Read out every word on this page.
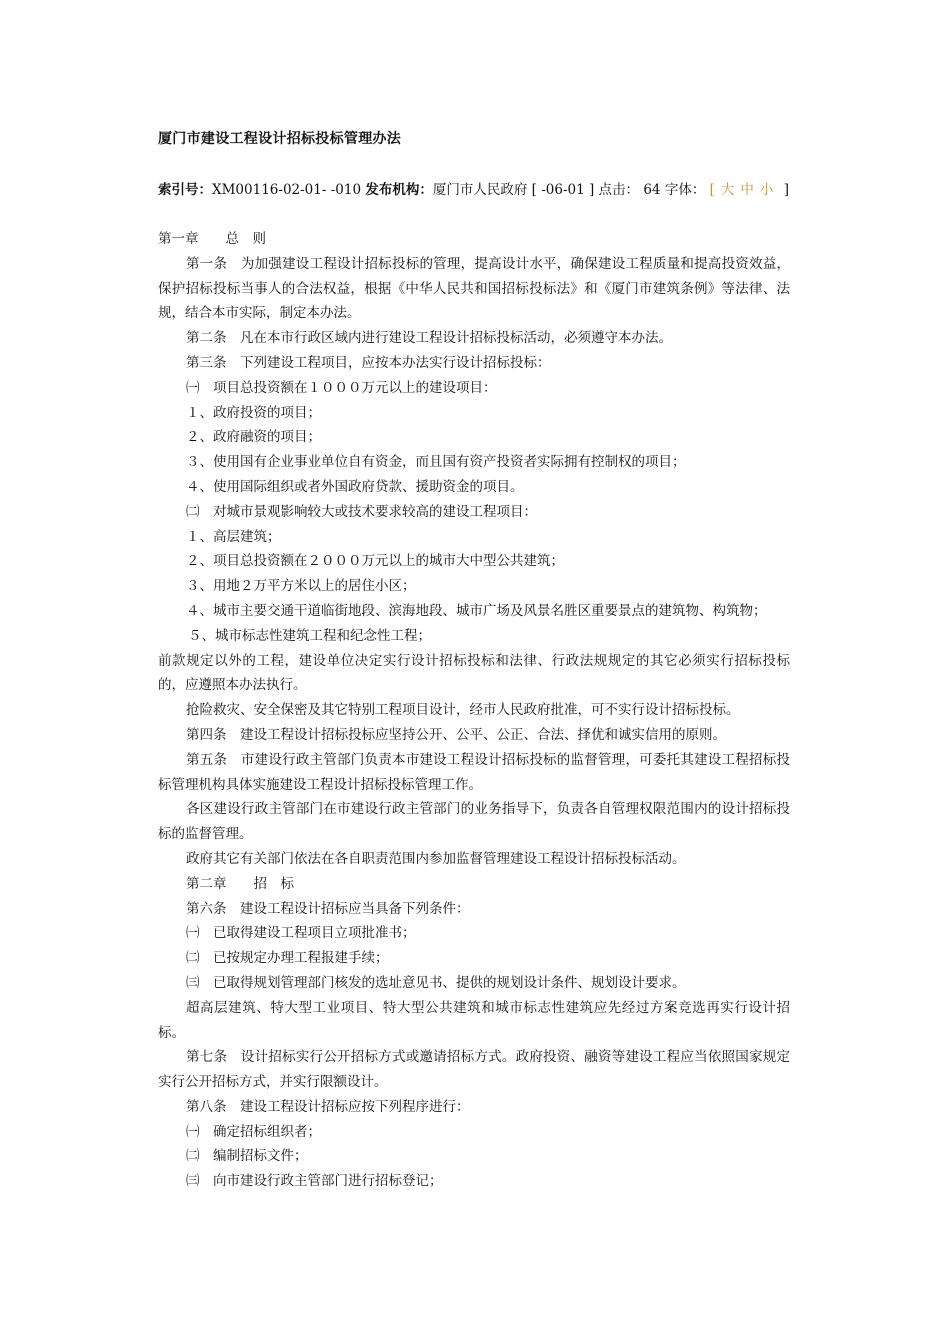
厦门市建设工程设计招标投标管理办法
索引号：XM00116-02-01- -010 发布机构：厦门市人民政府 [ -06-01 ] 点击： 64 字体： [大中小 ]

第一章　　总　则

第一条　为加强建设工程设计招标投标的管理，提高设计水平，确保建设工程质量和提高投资效益，保护招标投标当事人的合法权益，根据《中华人民共和国招标投标法》和《厦门市建筑条例》等法律、法规，结合本市实际，制定本办法。

第二条　凡在本市行政区域内进行建设工程设计招标投标活动，必须遵守本办法。

第三条　下列建设工程项目，应按本办法实行设计招标投标：

㈠　项目总投资额在１０００万元以上的建设项目：

１、政府投资的项目；

２、政府融资的项目；

３、使用国有企业事业单位自有资金，而且国有资产投资者实际拥有控制权的项目；

４、使用国际组织或者外国政府贷款、援助资金的项目。

㈡　对城市景观影响较大或技术要求较高的建设工程项目：

１、高层建筑；

２、项目总投资额在２０００万元以上的城市大中型公共建筑；

３、用地２万平方米以上的居住小区；

４、城市主要交通干道临街地段、滨海地段、城市广场及风景名胜区重要景点的建筑物、构筑物；

５、城市标志性建筑工程和纪念性工程；

前款规定以外的工程，建设单位决定实行设计招标投标和法律、行政法规规定的其它必须实行招标投标的，应遵照本办法执行。

抢险救灾、安全保密及其它特别工程项目设计，经市人民政府批准，可不实行设计招标投标。

第四条　建设工程设计招标投标应坚持公开、公平、公正、合法、择优和诚实信用的原则。

第五条　市建设行政主管部门负责本市建设工程设计招标投标的监督管理，可委托其建设工程招标投标管理机构具体实施建设工程设计招标投标管理工作。

各区建设行政主管部门在市建设行政主管部门的业务指导下，负责各自管理权限范围内的设计招标投标的监督管理。

政府其它有关部门依法在各自职责范围内参加监督管理建设工程设计招标投标活动。

第二章　　招　标

第六条　建设工程设计招标应当具备下列条件：

㈠　已取得建设工程项目立项批准书；

㈡　已按规定办理工程报建手续；

㈢　已取得规划管理部门核发的选址意见书、提供的规划设计条件、规划设计要求。

超高层建筑、特大型工业项目、特大型公共建筑和城市标志性建筑应先经过方案竞选再实行设计招标。

第七条　设计招标实行公开招标方式或邀请招标方式。政府投资、融资等建设工程应当依照国家规定实行公开招标方式，并实行限额设计。

第八条　建设工程设计招标应按下列程序进行：

㈠　确定招标组织者；

㈡　编制招标文件；

㈢　向市建设行政主管部门进行招标登记；
